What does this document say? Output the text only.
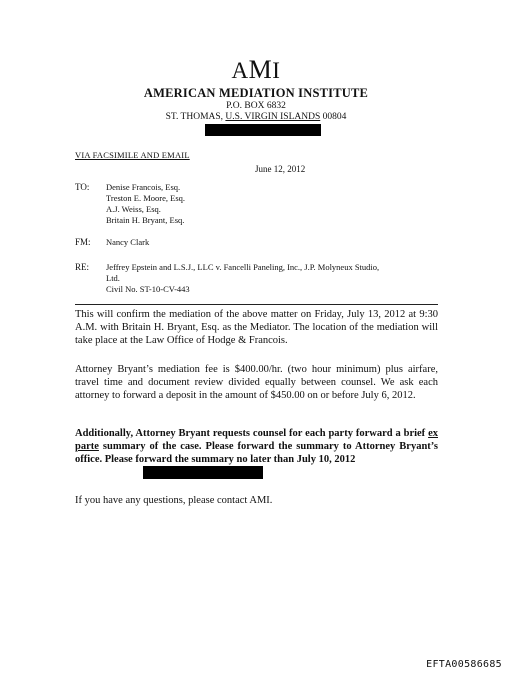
AMI
AMERICAN MEDIATION INSTITUTE
P.O. BOX 6832
ST. THOMAS, U.S. VIRGIN ISLANDS 00804
VIA FACSIMILE AND EMAIL
June 12, 2012
TO: Denise Francois, Esq.
Treston E. Moore, Esq.
A.J. Weiss, Esq.
Britain H. Bryant, Esq.
FM: Nancy Clark
RE: Jeffrey Epstein and L.S.J., LLC v. Fancelli Paneling, Inc., J.P. Molyneux Studio,
Ltd.
Civil No. ST-10-CV-443
This will confirm the mediation of the above matter on Friday, July 13, 2012 at 9:30 A.M. with Britain H. Bryant, Esq. as the Mediator. The location of the mediation will take place at the Law Office of Hodge & Francois.
Attorney Bryant’s mediation fee is $400.00/hr. (two hour minimum) plus airfare, travel time and document review divided equally between counsel. We ask each attorney to forward a deposit in the amount of $450.00 on or before July 6, 2012.
Additionally, Attorney Bryant requests counsel for each party forward a brief ex parte summary of the case. Please forward the summary to Attorney Bryant’s office. Please forward the summary no later than July 10, 2012
If you have any questions, please contact AMI.
EFTA00586685
